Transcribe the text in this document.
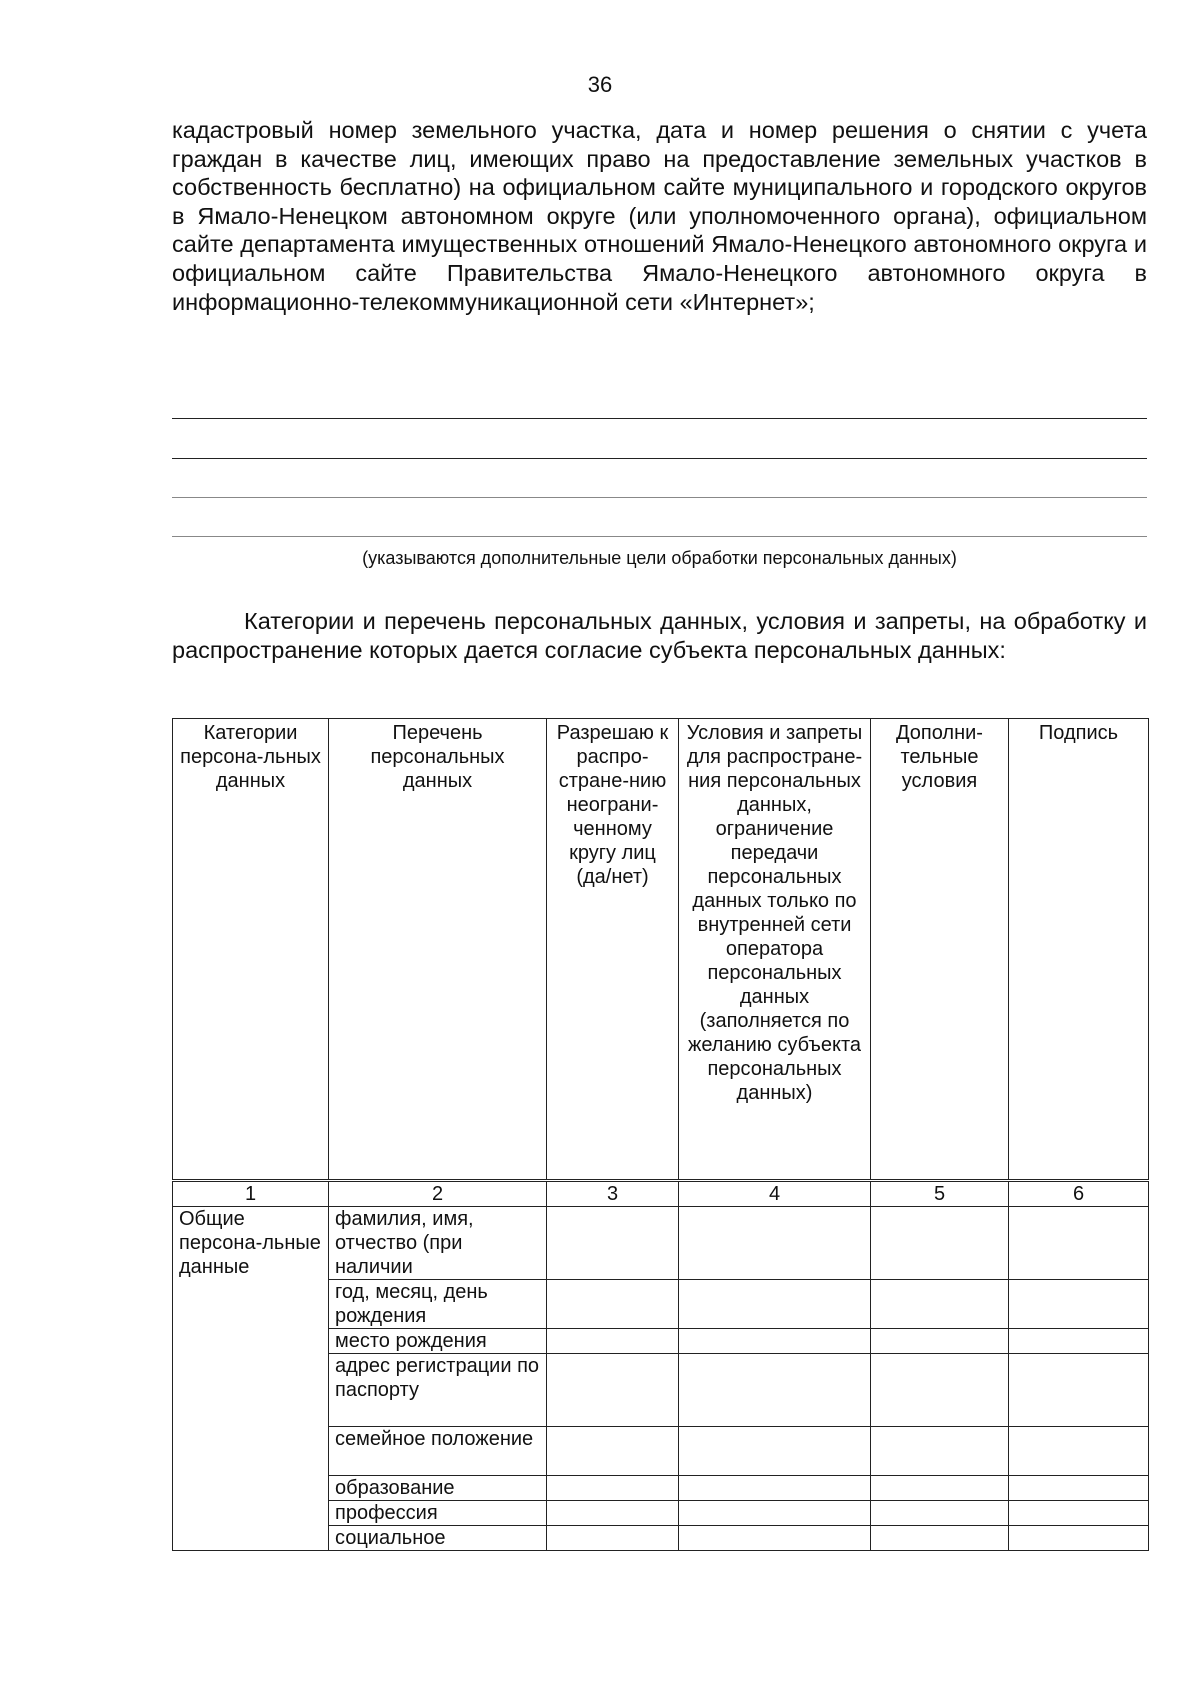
36

кадастровый номер земельного участка, дата и номер решения о снятии с учета граждан в качестве лиц, имеющих право на предоставление земельных участков в собственность бесплатно) на официальном сайте муниципального и городского округов в Ямало-Ненецком автономном округе (или уполномоченного органа), официальном сайте департамента имущественных отношений Ямало-Ненецкого автономного округа и официальном сайте Правительства Ямало-Ненецкого автономного округа в информационно-телекоммуникационной сети «Интернет»;

(указываются дополнительные цели обработки персональных данных)

Категории и перечень персональных данных, условия и запреты, на обработку и распространение которых дается согласие субъекта персональных данных:

Категории персона-льных данных	Перечень персональных данных	Разрешаю к распро-стране-нию неограни-ченному кругу лиц (да/нет)	Условия и запреты для распростране-ния персональных данных, ограничение передачи персональных данных только по внутренней сети оператора персональных данных (заполняется по желанию субъекта персональных данных)	Дополни-тельные условия	Подпись
1	2	3	4	5	6
Общие персона-льные данные	фамилия, имя, отчество (при наличии				
	год, месяц, день рождения				
	место рождения				
	адрес регистрации по паспорту				
	семейное положение				
	образование				
	профессия				
	социальное				
